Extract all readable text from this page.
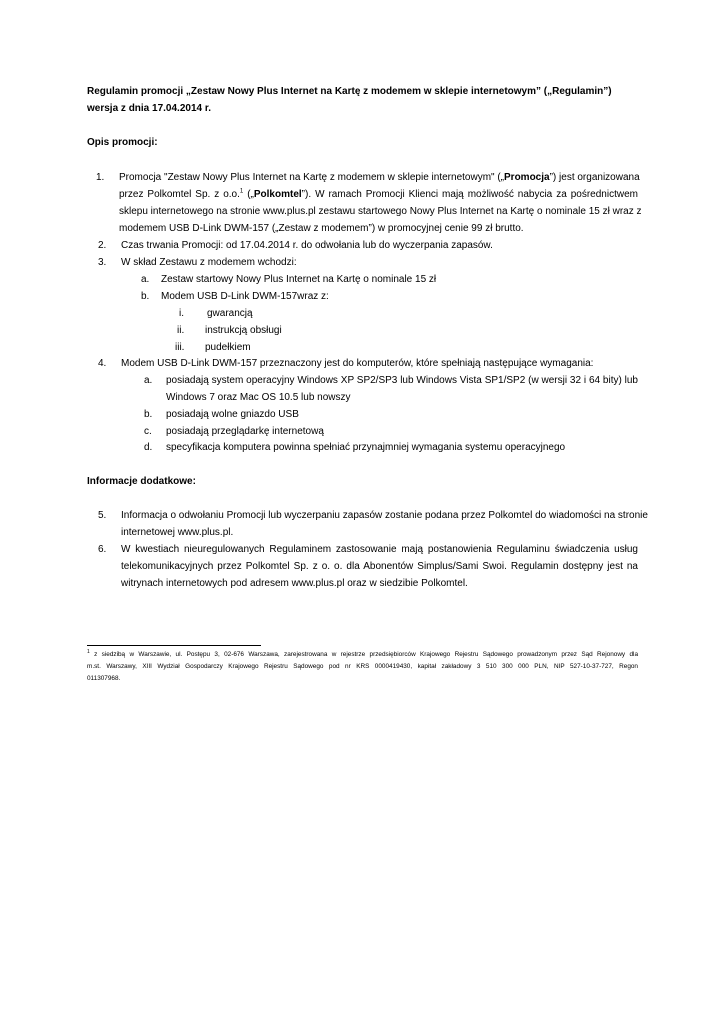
Regulamin promocji „Zestaw Nowy Plus Internet na Kartę z modemem w sklepie internetowym” („Regulamin”)
wersja z dnia 17.04.2014 r.
Opis promocji:
1. Promocja "Zestaw Nowy Plus Internet na Kartę z modemem w sklepie internetowym" („Promocja”) jest organizowana
przez Polkomtel Sp. z o.o.$^1$ („Polkomtel”). W ramach Promocji Klienci mają możliwość nabycia za pośrednictwem
sklepu internetowego na stronie www.plus.pl zestawu startowego Nowy Plus Internet na Kartę o nominale 15 zł wraz z
modemem USB D-Link DWM-157 („Zestaw z modemem”) w promocyjnej cenie 99 zł brutto.
2. Czas trwania Promocji: od 17.04.2014 r. do odwołania lub do wyczerpania zapasów.
3. W skład Zestawu z modemem wchodzi:
a. Zestaw startowy Nowy Plus Internet na Kartę o nominale 15 zł
b. Modem USB D-Link DWM-157wraz z:
i. gwarancją
ii. instrukcją obsługi
iii. pudełkiem
4. Modem USB D-Link DWM-157 przeznaczony jest do komputerów, które spełniają następujące wymagania:
a. posiadają system operacyjny Windows XP SP2/SP3 lub Windows Vista SP1/SP2 (w wersji 32 i 64 bity) lub
Windows 7 oraz Mac OS 10.5 lub nowszy
b. posiadają wolne gniazdo USB
c. posiadają przeglądarkę internetową
d. specyfikacja komputera powinna spełniać przynajmniej wymagania systemu operacyjnego
Informacje dodatkowe:
5. Informacja o odwołaniu Promocji lub wyczerpaniu zapasów zostanie podana przez Polkomtel do wiadomości na stronie
internetowej www.plus.pl.
6. W kwestiach nieuregulowanych Regulaminem zastosowanie mają postanowienia Regulaminu świadczenia usług
telekomunikacyjnych przez Polkomtel Sp. z o. o. dla Abonentów Simplus/Sami Swoi. Regulamin dostępny jest na
witrynach internetowych pod adresem www.plus.pl oraz w siedzibie Polkomtel.
$^1$ z siedzibą w Warszawie, ul. Postępu 3, 02-676 Warszawa, zarejestrowana w rejestrze przedsiębiorców Krajowego Rejestru Sądowego prowadzonym przez Sąd Rejonowy dla
m.st. Warszawy, XIII Wydział Gospodarczy Krajowego Rejestru Sądowego pod nr KRS 0000419430, kapitał zakładowy 3 510 300 000 PLN, NIP 527-10-37-727, Regon
011307968.
